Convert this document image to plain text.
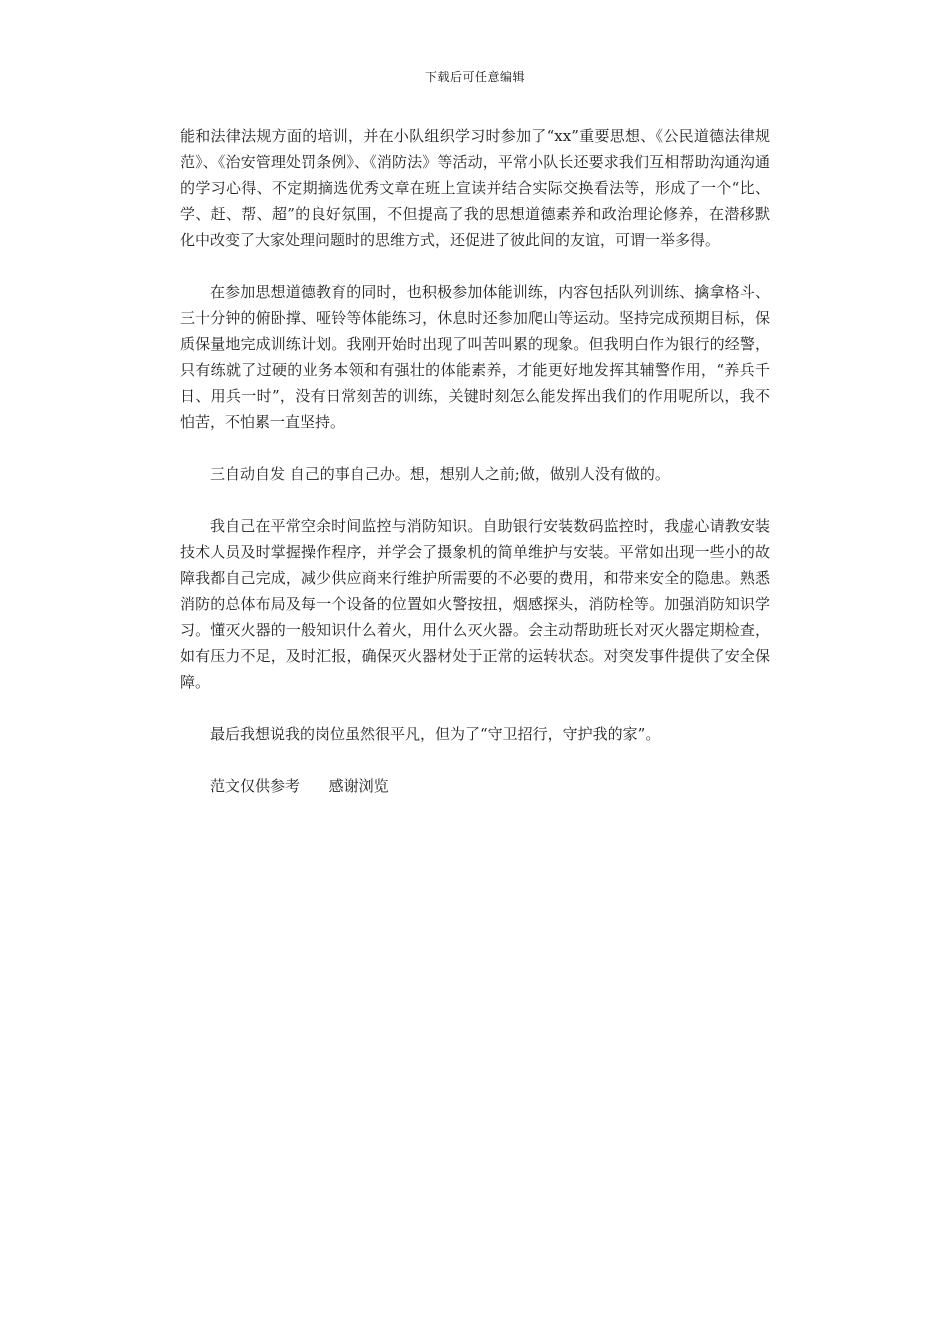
下载后可任意编辑

能和法律法规方面的培训，并在小队组织学习时参加了“xx”重要思想、《公民道德法律规范》、《治安管理处罚条例》、《消防法》等活动，平常小队长还要求我们互相帮助沟通沟通的学习心得、不定期摘选优秀文章在班上宣读并结合实际交换看法等，形成了一个“比、学、赶、帮、超”的良好氛围，不但提高了我的思想道德素养和政治理论修养，在潜移默化中改变了大家处理问题时的思维方式，还促进了彼此间的友谊，可谓一举多得。

在参加思想道德教育的同时，也积极参加体能训练，内容包括队列训练、擒拿格斗、三十分钟的俯卧撑、哑铃等体能练习，休息时还参加爬山等运动。坚持完成预期目标，保质保量地完成训练计划。我刚开始时出现了叫苦叫累的现象。但我明白作为银行的经警，只有练就了过硬的业务本领和有强壮的体能素养，才能更好地发挥其辅警作用，“养兵千日、用兵一时”，没有日常刻苦的训练，关键时刻怎么能发挥出我们的作用呢所以，我不怕苦，不怕累一直坚持。

三自动自发 自己的事自己办。想，想别人之前;做，做别人没有做的。

我自己在平常空余时间监控与消防知识。自助银行安装数码监控时，我虚心请教安装技术人员及时掌握操作程序，并学会了摄象机的简单维护与安装。平常如出现一些小的故障我都自己完成，减少供应商来行维护所需要的不必要的费用，和带来安全的隐患。熟悉消防的总体布局及每一个设备的位置如火警按扭，烟感探头，消防栓等。加强消防知识学习。懂灭火器的一般知识什么着火，用什么灭火器。会主动帮助班长对灭火器定期检查，如有压力不足，及时汇报，确保灭火器材处于正常的运转状态。对突发事件提供了安全保障。

最后我想说我的岗位虽然很平凡，但为了“守卫招行，守护我的家”。

范文仅供参考      感谢浏览
